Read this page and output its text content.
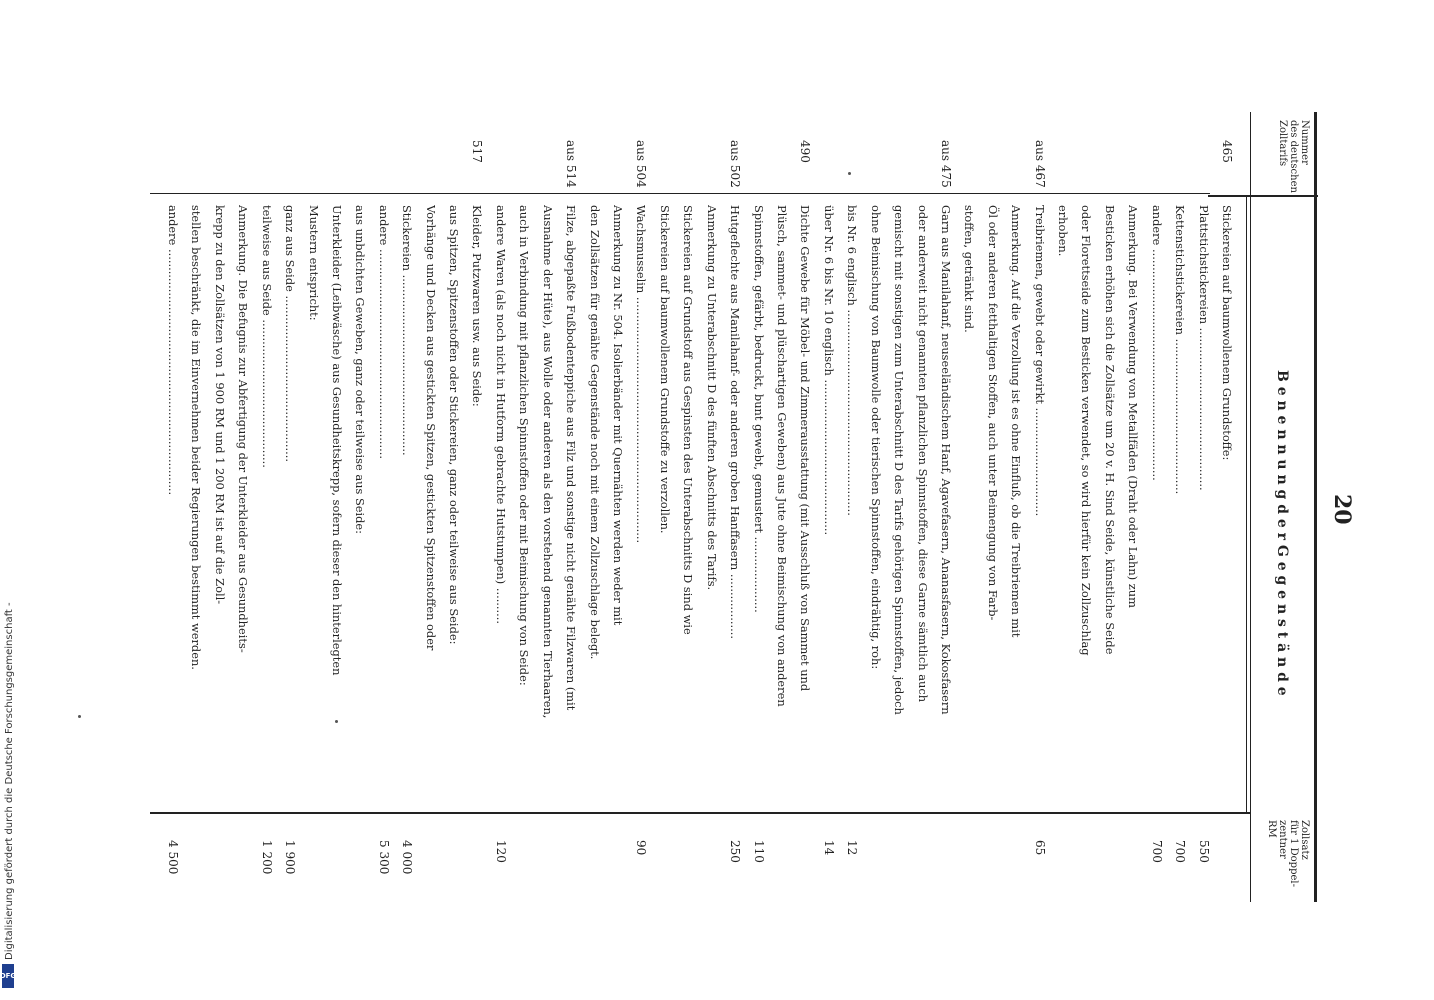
20
Nummer
des deutschen
Zolltarifs
B e n e n n u n g d e r G e g e n s t ä n d e
Zollsatz
für 1 Doppel-
zentner
RM
465
Stickereien auf baumwollenem Grundstoffe:
Plattstichstickereien .............................................
550
Kettenstichstickereien ...........................................
700
andere ................................................................
700
Anmerkung. Bei Verwendung von Metallfäden (Draht oder Lahn) zum
Besticken erhöhen sich die Zollsätze um 20 v. H. Sind Seide, künstliche Seide
oder Florettseide zum Besticken verwendet, so wird hierfür kein Zollzuschlag
erhoben.
aus 467
Treibriemen, gewebt oder gewirkt ..............................
65
Anmerkung. Auf die Verzollung ist es ohne Einfluß, ob die Treibriemen mit
Öl oder anderen fetthaltigen Stoffen, auch unter Beimengung von Farb-
stoffen, getränkt sind.
aus 475
Garn aus Manilahanf, neuseeländischem Hanf, Agavefasern, Ananasfasern, Kokosfasern
oder anderweit nicht genannten pflanzlichen Spinnstoffen, diese Garne sämtlich auch
gemischt mit sonstigen zum Unterabschnitt D des Tarifs gehörigen Spinnstoffen, jedoch
ohne Beimischung von Baumwolle oder tierischen Spinnstoffen, eindrähtig, roh:
bis Nr. 6 englisch .........................................................
12
über Nr. 6 bis Nr. 10 englisch ...........................................
14
490
Dichte Gewebe für Möbel- und Zimmerausstattung (mit Ausschluß von Sammet und
Plüsch, sammet- und plüschartigen Geweben) aus Jute ohne Beimischung von anderen
Spinnstoffen, gefärbt, bedruckt, bunt gewebt, gemustert .....................
110
aus 502
Hutgeflechte aus Manilahanf- oder anderen groben Hanffasern ..................
250
Anmerkung zu Unterabschnitt D des fünften Abschnitts des Tarifs.
Stickereien auf Grundstoff aus Gespinsten des Unterabschnitts D sind wie
Stickereien auf baumwollenem Grundstoffe zu verzollen.
aus 504
Wachsmusselin ....................................................................
90
Anmerkung zu Nr. 504. Isolierbänder mit Quernähten werden weder mit
den Zollsätzen für genähte Gegenstände noch mit einem Zollzuschlage belegt.
aus 514
Filze, abgepaßte Fußbodenteppiche aus Filz und sonstige nicht genähte Filzwaren (mit
Ausnahme der Hüte), aus Wolle oder anderen als den vorstehend genannten Tierhaaren,
auch in Verbindung mit pflanzlichen Spinnstoffen oder mit Beimischung von Seide:
andere Waren (als noch nicht in Hutform gebrachte Hutstumpen) ..........
120
517
Kleider, Putzwaren usw. aus Seide:
aus Spitzen, Spitzenstoffen oder Stickereien, ganz oder teilweise aus Seide:
Vorhänge und Decken aus gestickten Spitzen, gestickten Spitzenstoffen oder
Stickereien ..................................................
4 000
andere ..........................................................
5 300
aus unbdichten Geweben, ganz oder teilweise aus Seide:
Unterkleider (Leibwäsche) aus Gesundheitskrepp, sofern dieser den hinterlegten
Mustern entspricht:
ganz aus Seide ..............................................
1 900
teilweise aus Seide .........................................
1 200
Anmerkung. Die Befugnis zur Abfertigung der Unterkleider aus Gesundheits-
krepp zu den Zollsätzen von 1 900 RM und 1 200 RM ist auf die Zoll-
stellen beschränkt, die im Einvernehmen beider Regierungen bestimmt werden.
andere ....................................................................
4 500
Digitalisierung gefördert durch die Deutsche Forschungsgemeinschaft -
DFG
